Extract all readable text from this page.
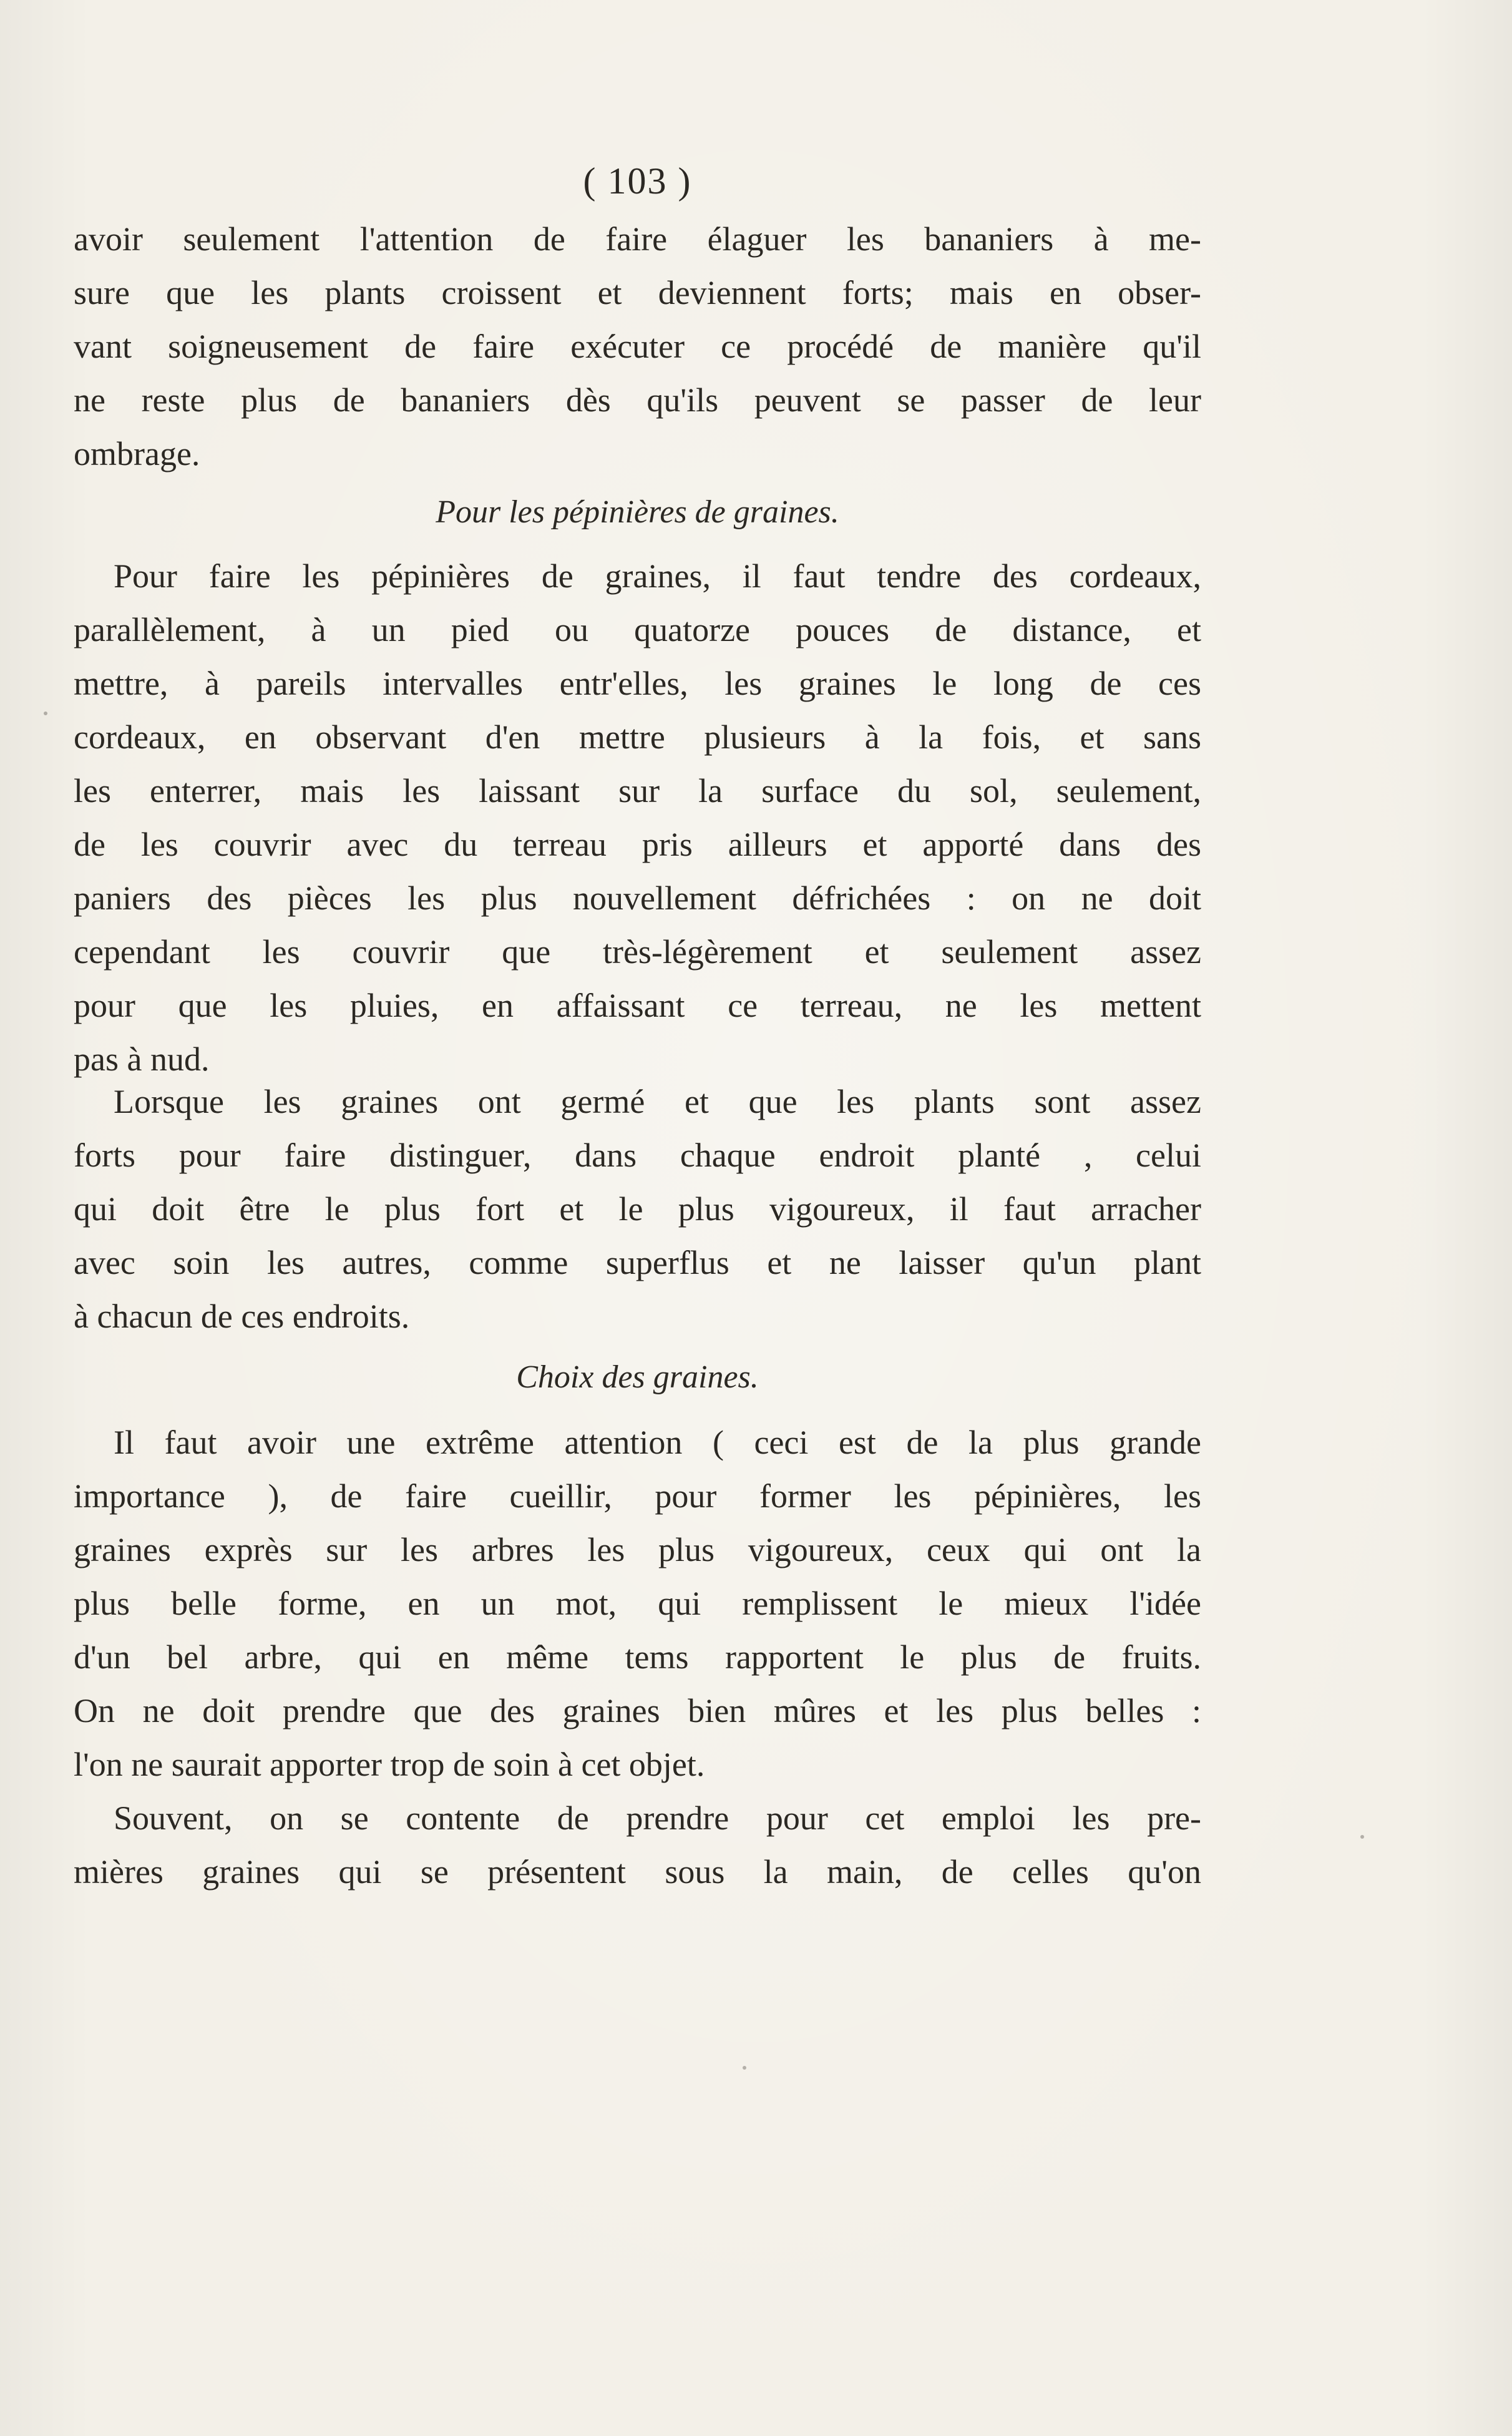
( 103 )
avoir seulement l'attention de faire élaguer les bananiers à me-
sure que les plants croissent et deviennent forts; mais en obser-
vant soigneusement de faire exécuter ce procédé de manière qu'il
ne reste plus de bananiers dès qu'ils peuvent se passer de leur
ombrage.
Pour les pépinières de graines.
Pour faire les pépinières de graines, il faut tendre des cordeaux,
parallèlement, à un pied ou quatorze pouces de distance, et
mettre, à pareils intervalles entr'elles, les graines le long de ces
cordeaux, en observant d'en mettre plusieurs à la fois, et sans
les enterrer, mais les laissant sur la surface du sol, seulement,
de les couvrir avec du terreau pris ailleurs et apporté dans des
paniers des pièces les plus nouvellement défrichées : on ne doit
cependant les couvrir que très-légèrement et seulement assez
pour que les pluies, en affaissant ce terreau, ne les mettent
pas à nud.
Lorsque les graines ont germé et que les plants sont assez
forts pour faire distinguer, dans chaque endroit planté , celui
qui doit être le plus fort et le plus vigoureux, il faut arracher
avec soin les autres, comme superflus et ne laisser qu'un plant
à chacun de ces endroits.
Choix des graines.
Il faut avoir une extrême attention ( ceci est de la plus grande
importance ), de faire cueillir, pour former les pépinières, les
graines exprès sur les arbres les plus vigoureux, ceux qui ont la
plus belle forme, en un mot, qui remplissent le mieux l'idée
d'un bel arbre, qui en même tems rapportent le plus de fruits.
On ne doit prendre que des graines bien mûres et les plus belles :
l'on ne saurait apporter trop de soin à cet objet.
Souvent, on se contente de prendre pour cet emploi les pre-
mières graines qui se présentent sous la main, de celles qu'on
